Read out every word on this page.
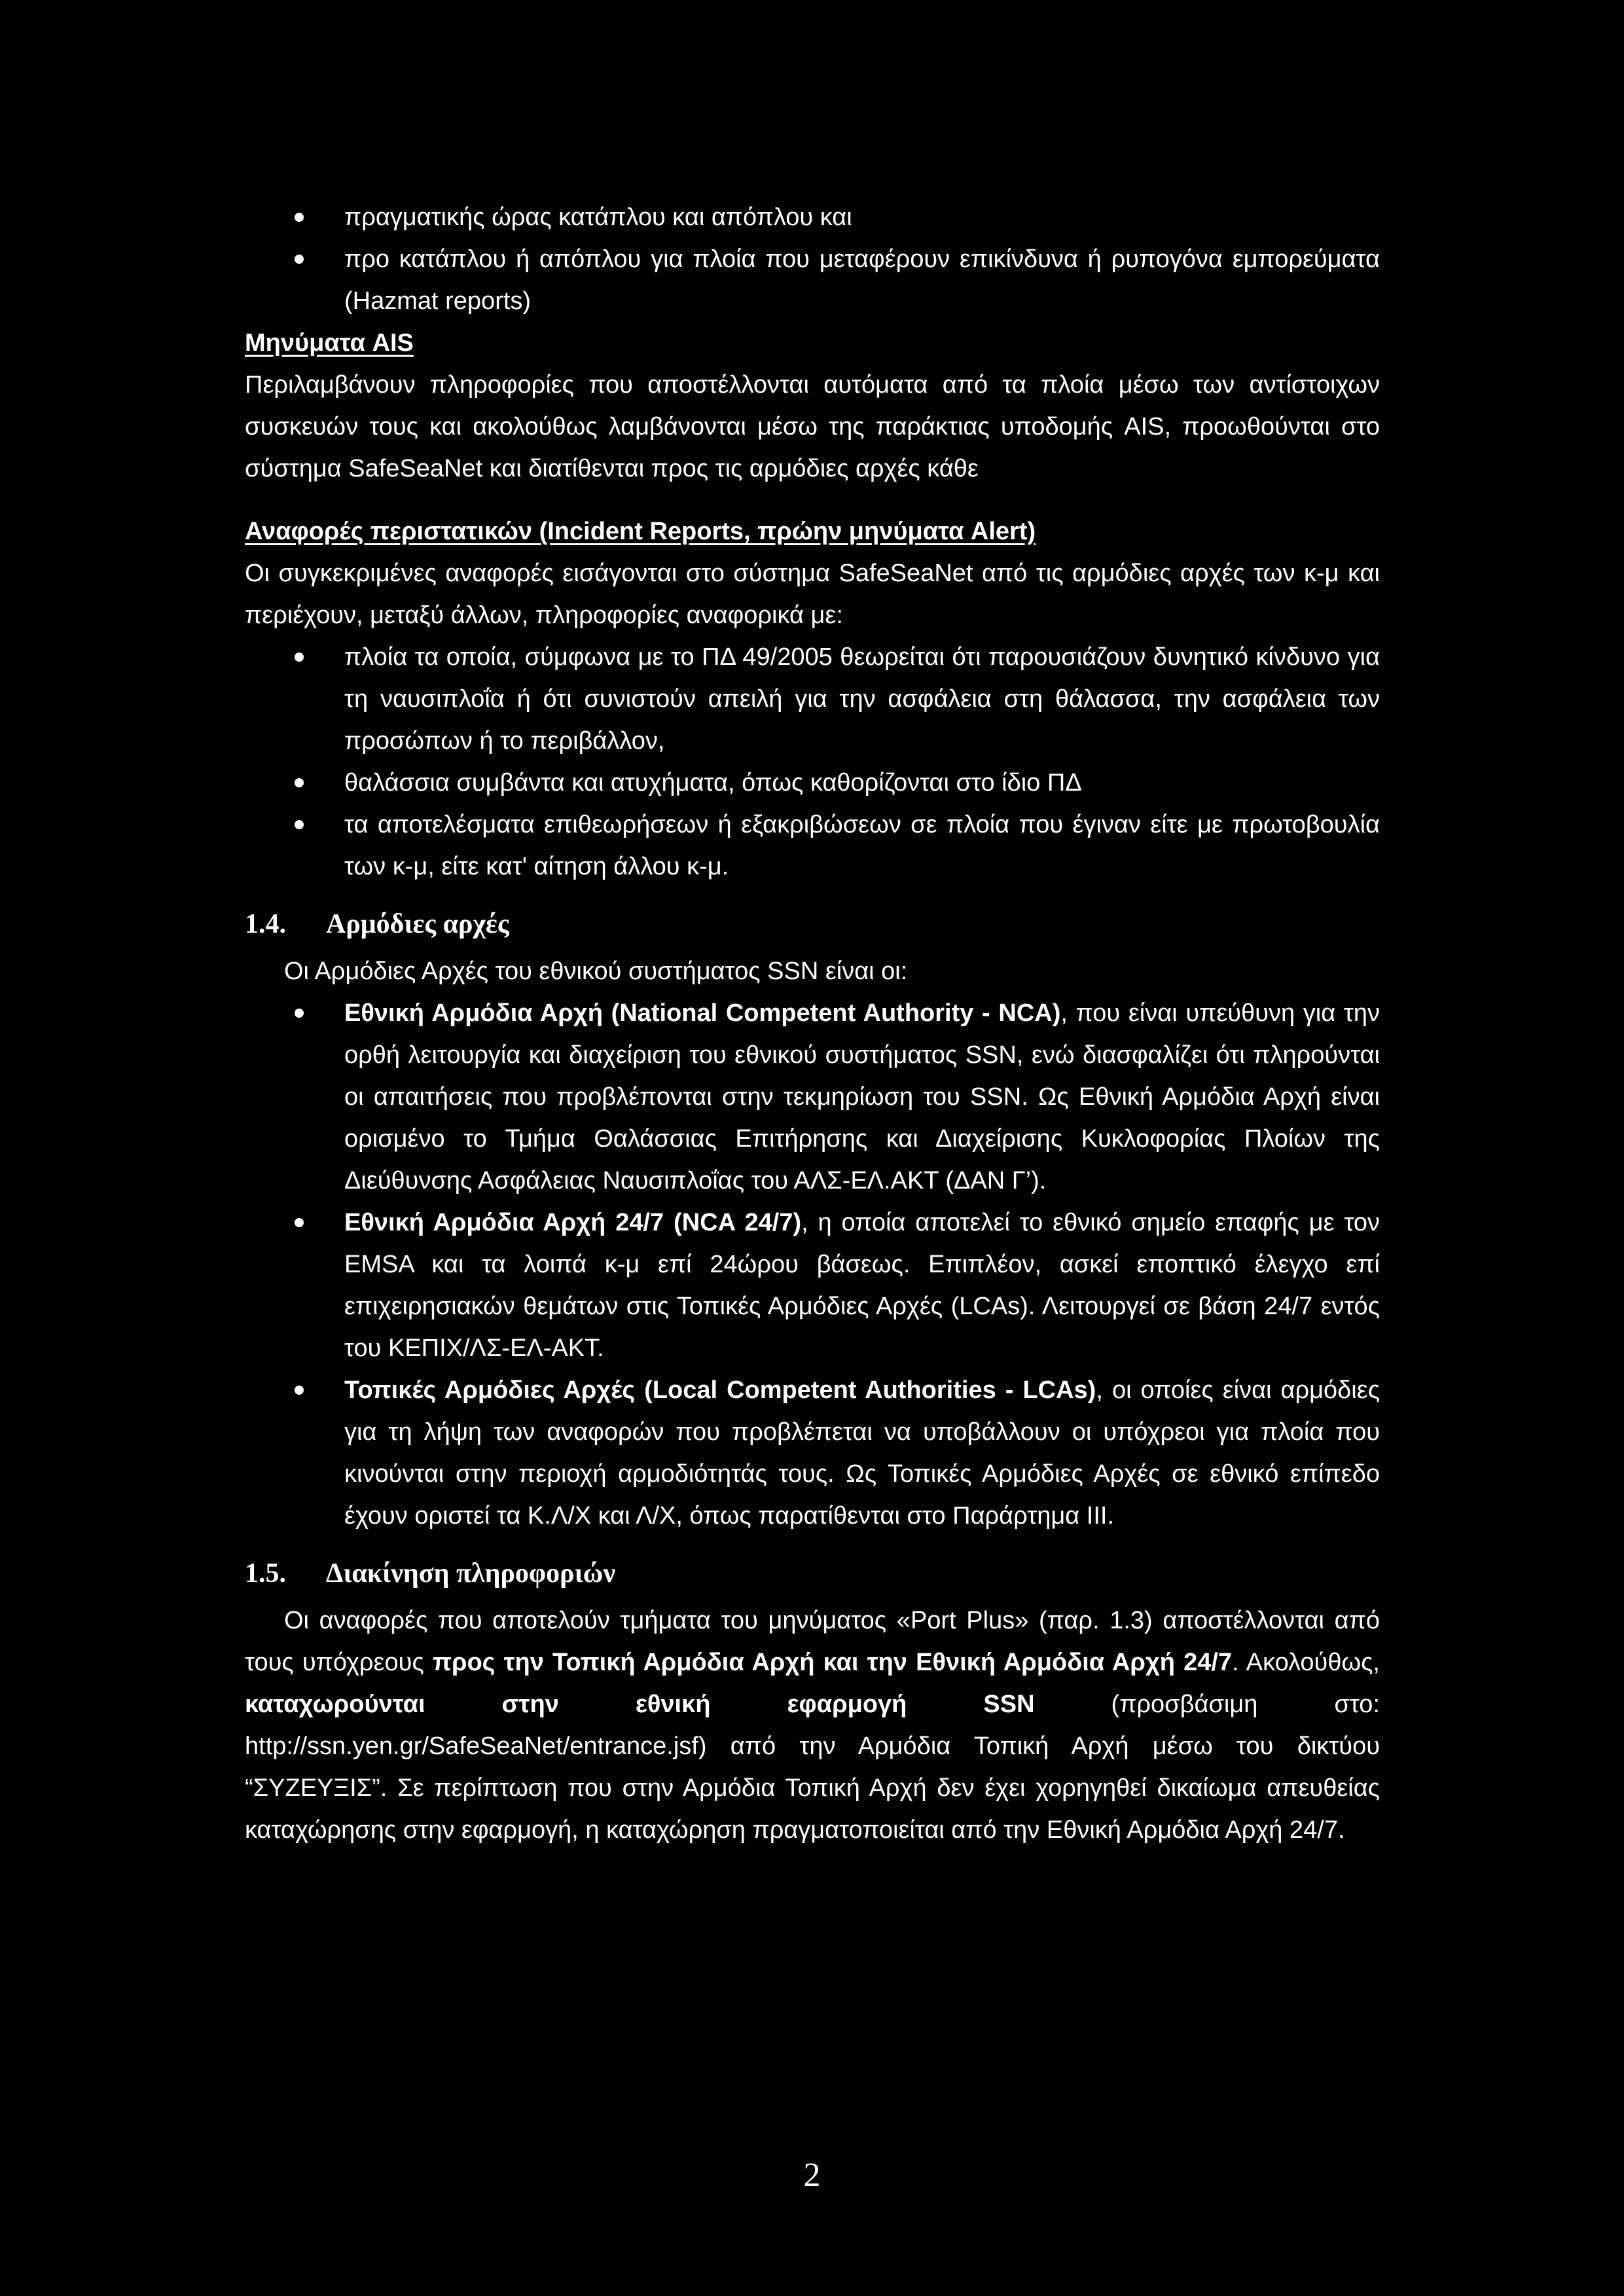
πραγματικής ώρας κατάπλου και απόπλου και
προ κατάπλου ή απόπλου για πλοία που μεταφέρουν επικίνδυνα ή ρυπογόνα εμπορεύματα (Hazmat reports)
Μηνύματα AIS
Περιλαμβάνουν πληροφορίες που αποστέλλονται αυτόματα από τα πλοία μέσω των αντίστοιχων συσκευών τους και ακολούθως λαμβάνονται μέσω της παράκτιας υποδομής AIS, προωθούνται στο σύστημα SafeSeaNet και διατίθενται προς τις αρμόδιες αρχές κάθε
Αναφορές περιστατικών (Incident Reports, πρώην μηνύματα Alert)
Οι συγκεκριμένες αναφορές εισάγονται στο σύστημα SafeSeaNet από τις αρμόδιες αρχές των κ-μ και περιέχουν, μεταξύ άλλων, πληροφορίες αναφορικά με:
πλοία τα οποία, σύμφωνα με το ΠΔ 49/2005 θεωρείται ότι παρουσιάζουν δυνητικό κίνδυνο για τη ναυσιπλοΐα ή ότι συνιστούν απειλή για την ασφάλεια στη θάλασσα, την ασφάλεια των προσώπων ή το περιβάλλον,
θαλάσσια συμβάντα και ατυχήματα, όπως καθορίζονται στο ίδιο ΠΔ
τα αποτελέσματα επιθεωρήσεων ή εξακριβώσεων σε πλοία που έγιναν είτε με πρωτοβουλία των κ-μ, είτε κατ' αίτηση άλλου κ-μ.
1.4.	Αρμόδιες αρχές
Οι Αρμόδιες Αρχές του εθνικού συστήματος SSN είναι οι:
Εθνική Αρμόδια Αρχή (National Competent Authority - NCA), που είναι υπεύθυνη για την ορθή λειτουργία και διαχείριση του εθνικού συστήματος SSN, ενώ διασφαλίζει ότι πληρούνται οι απαιτήσεις που προβλέπονται στην τεκμηρίωση του SSN. Ως Εθνική Αρμόδια Αρχή είναι ορισμένο το Τμήμα Θαλάσσιας Επιτήρησης και Διαχείρισης Κυκλοφορίας Πλοίων της Διεύθυνσης Ασφάλειας Ναυσιπλοΐας του ΑΛΣ-ΕΛ.ΑΚΤ (ΔΑΝ Γ’).
Εθνική Αρμόδια Αρχή 24/7 (NCA 24/7), η οποία αποτελεί το εθνικό σημείο επαφής με τον EMSA και τα λοιπά κ-μ επί 24ώρου βάσεως. Επιπλέον, ασκεί εποπτικό έλεγχο επί επιχειρησιακών θεμάτων στις Τοπικές Αρμόδιες Αρχές (LCAs). Λειτουργεί σε βάση 24/7 εντός του ΚΕΠΙΧ/ΛΣ-ΕΛ-ΑΚΤ.
Τοπικές Αρμόδιες Αρχές (Local Competent Authorities - LCAs), οι οποίες είναι αρμόδιες για τη λήψη των αναφορών που προβλέπεται να υποβάλλουν οι υπόχρεοι για πλοία που κινούνται στην περιοχή αρμοδιότητάς τους. Ως Τοπικές Αρμόδιες Αρχές σε εθνικό επίπεδο έχουν οριστεί τα Κ.Λ/Χ και Λ/Χ, όπως παρατίθενται στο Παράρτημα ΙΙΙ.
1.5.	Διακίνηση πληροφοριών
Οι αναφορές που αποτελούν τμήματα του μηνύματος «Port Plus» (παρ. 1.3) αποστέλλονται από τους υπόχρεους προς την Τοπική Αρμόδια Αρχή και την Εθνική Αρμόδια Αρχή 24/7. Ακολούθως, καταχωρούνται στην εθνική εφαρμογή SSN (προσβάσιμη στο: http://ssn.yen.gr/SafeSeaNet/entrance.jsf) από την Αρμόδια Τοπική Αρχή μέσω του δικτύου “ΣΥΖΕΥΞΙΣ”. Σε περίπτωση που στην Αρμόδια Τοπική Αρχή δεν έχει χορηγηθεί δικαίωμα απευθείας καταχώρησης στην εφαρμογή, η καταχώρηση πραγματοποιείται από την Εθνική Αρμόδια Αρχή 24/7.
2
